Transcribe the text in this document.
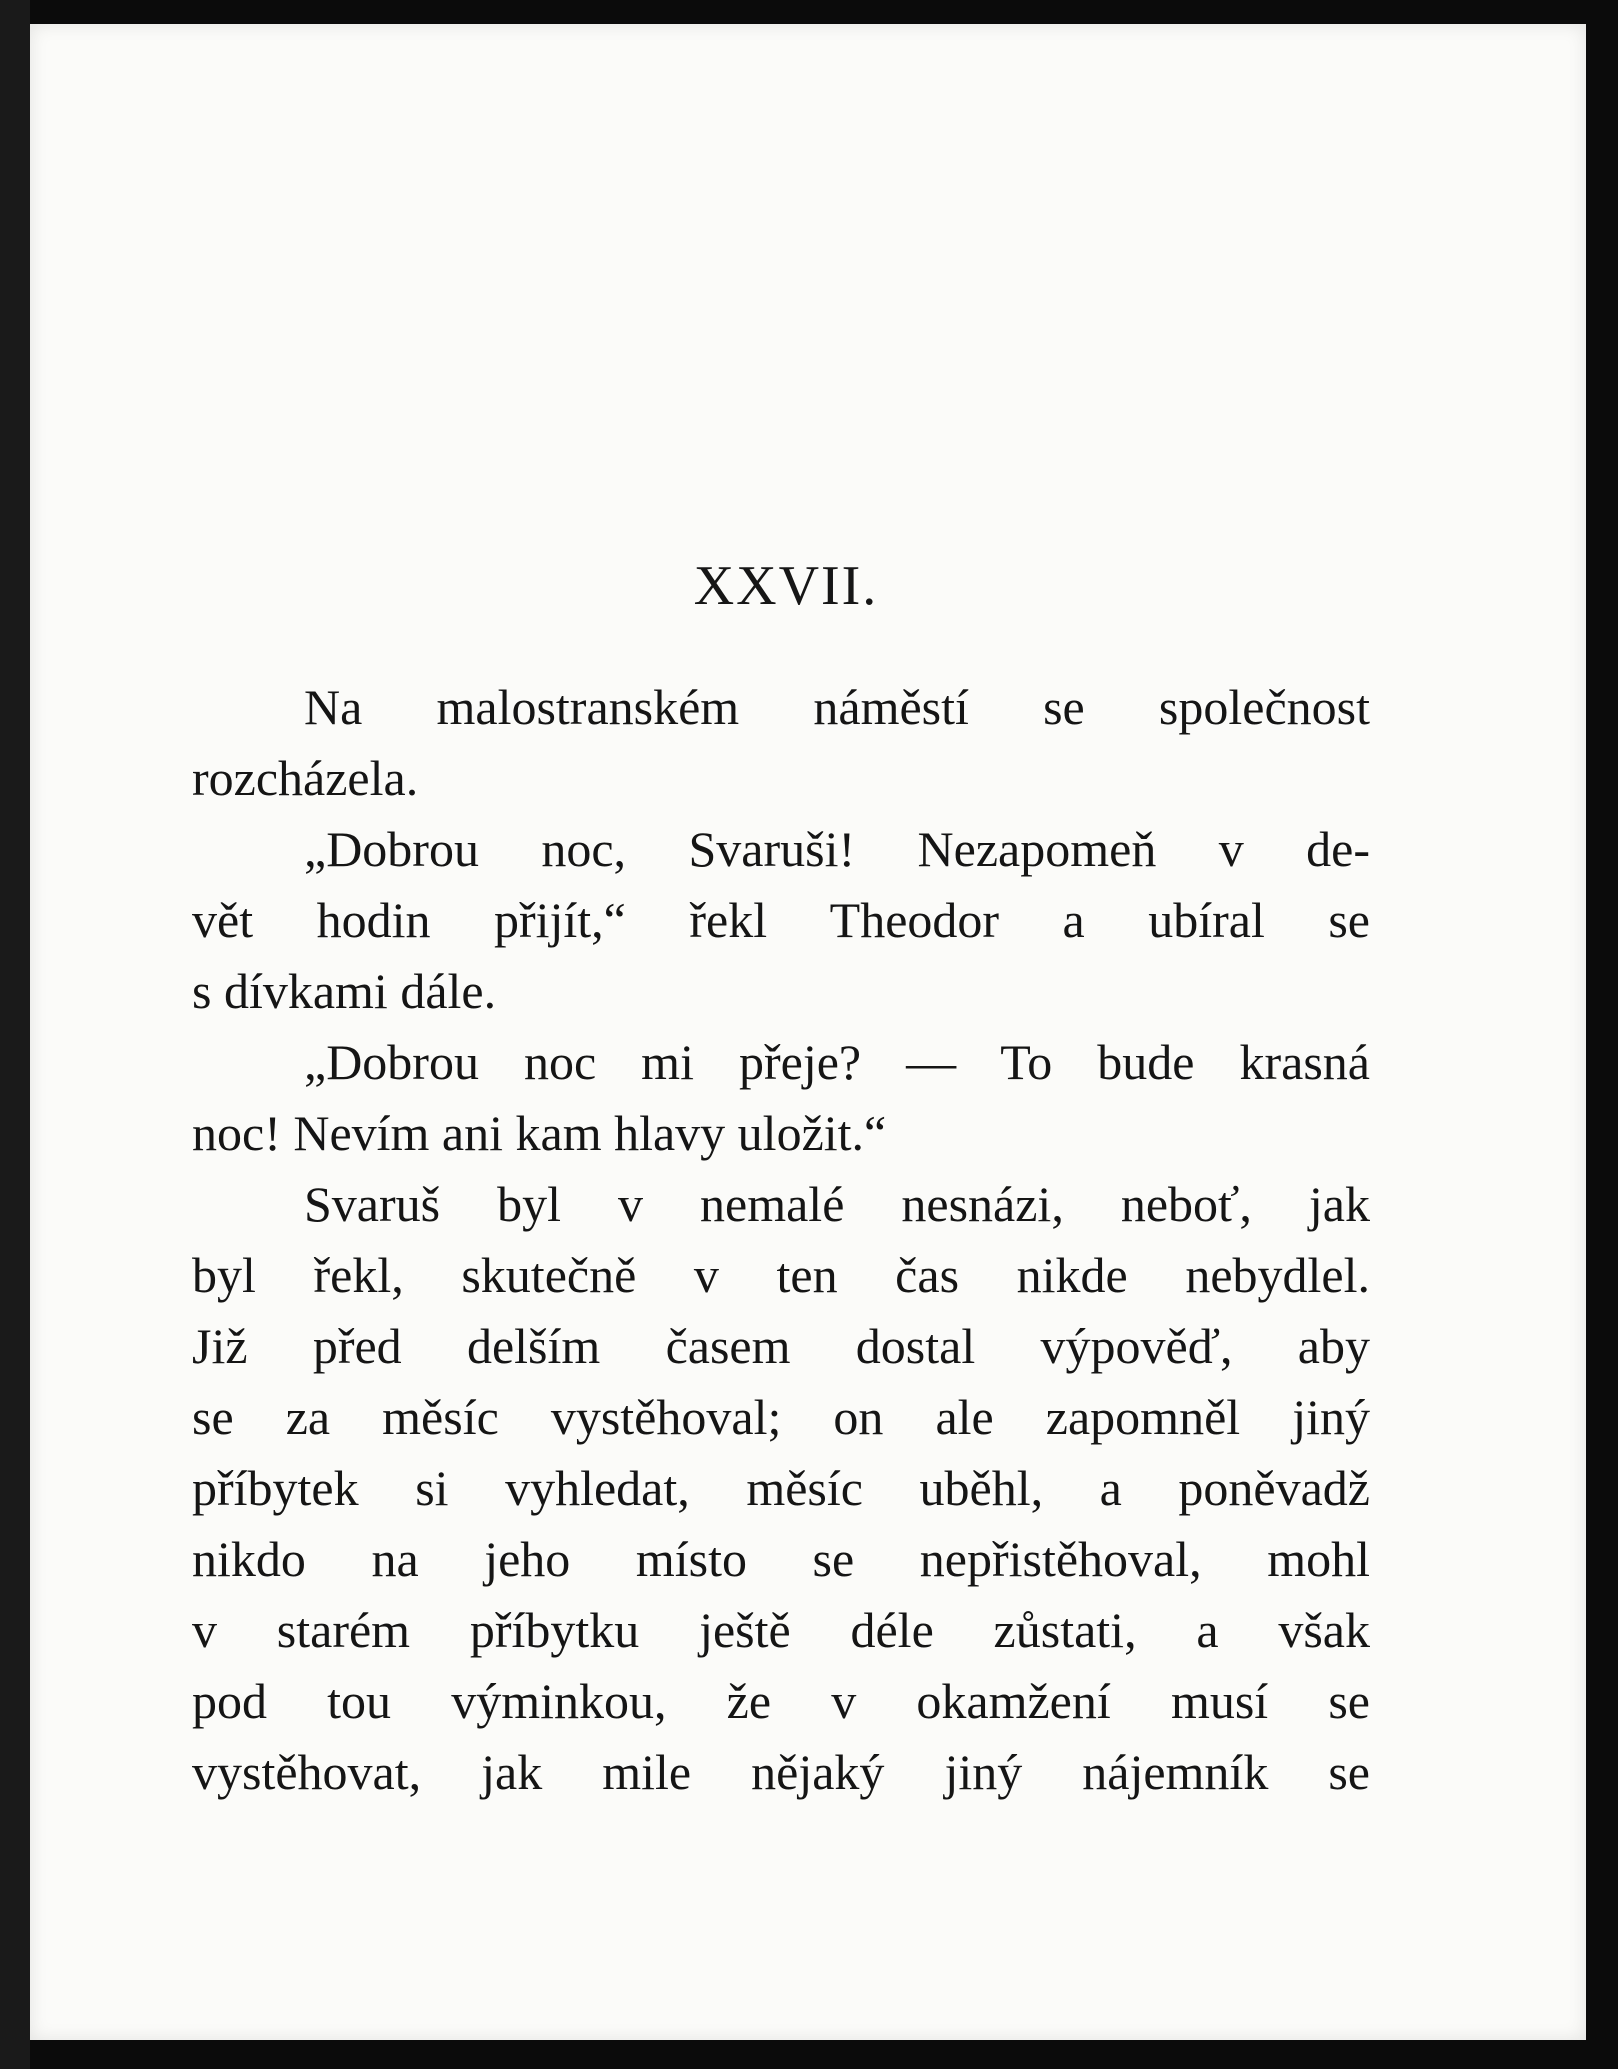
XXVII.
Na malostranském náměstí se společnost
rozcházela.
„Dobrou noc, Svaruši! Nezapomeň v de-
vět hodin přijít,“ řekl Theodor a ubíral se
s dívkami dále.
„Dobrou noc mi přeje? — To bude krasná
noc! Nevím ani kam hlavy uložit.“
Svaruš byl v nemalé nesnázi, neboť, jak
byl řekl, skutečně v ten čas nikde nebydlel.
Již před delším časem dostal výpověď, aby
se za měsíc vystěhoval; on ale zapomněl jiný
příbytek si vyhledat, měsíc uběhl, a poněvadž
nikdo na jeho místo se nepřistěhoval, mohl
v starém příbytku ještě déle zůstati, a však
pod tou výminkou, že v okamžení musí se
vystěhovat, jak mile nějaký jiný nájemník se
